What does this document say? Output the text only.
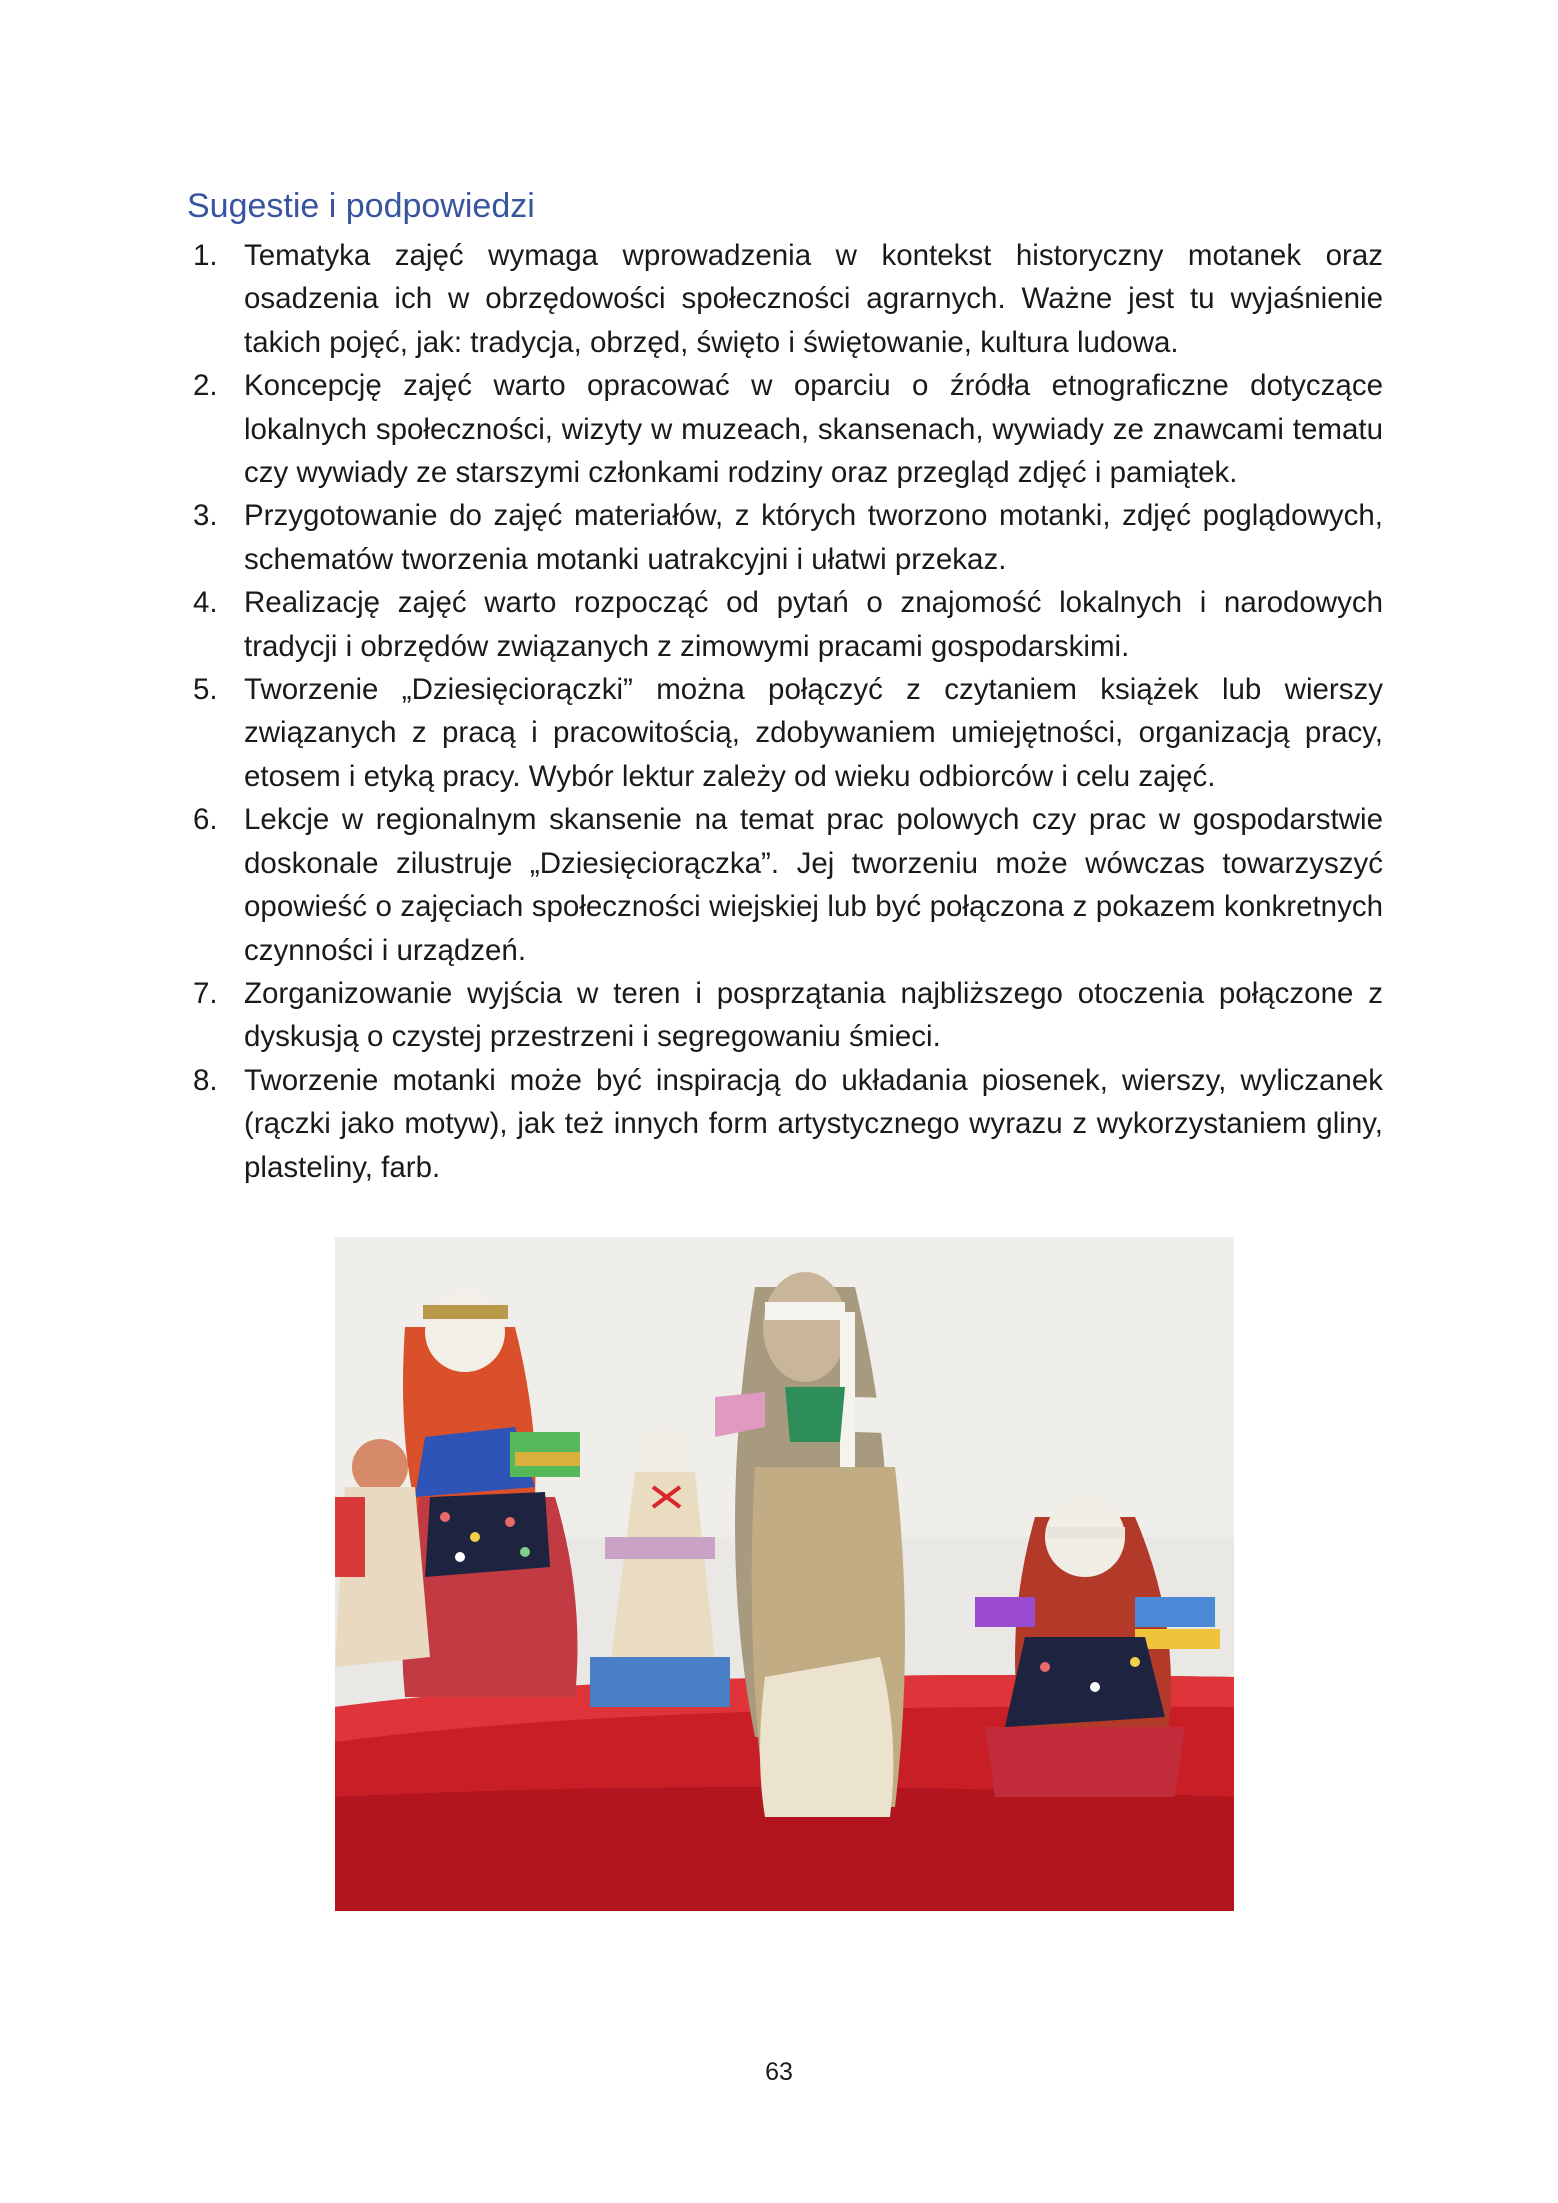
Sugestie i podpowiedzi
1. Tematyka zajęć wymaga wprowadzenia w kontekst historyczny motanek oraz osadzenia ich w obrzędowości społeczności agrarnych. Ważne jest tu wyjaśnienie takich pojęć, jak: tradycja, obrzęd, święto i świętowanie, kultura ludowa.
2. Koncepcję zajęć warto opracować w oparciu o źródła etnograficzne dotyczące lokalnych społeczności, wizyty w muzeach, skansenach, wywiady ze znawcami tematu czy wywiady ze starszymi członkami rodziny oraz przegląd zdjęć i pamiątek.
3. Przygotowanie do zajęć materiałów, z których tworzono motanki, zdjęć poglądowych, schematów tworzenia motanki uatrakcyjni i ułatwi przekaz.
4. Realizację zajęć warto rozpocząć od pytań o znajomość lokalnych i narodowych tradycji i obrzędów związanych z zimowymi pracami gospodarskimi.
5. Tworzenie „Dziesięciorączki” można połączyć z czytaniem książek lub wierszy związanych z pracą i pracowitością, zdobywaniem umiejętności, organizacją pracy, etosem i etyką pracy. Wybór lektur zależy od wieku odbiorców i celu zajęć.
6. Lekcje w regionalnym skansenie na temat prac polowych czy prac w gospodarstwie doskonale zilustruje „Dziesięciorączka”. Jej tworzeniu może wówczas towarzyszyć opowieść o zajęciach społeczności wiejskiej lub być połączona z pokazem konkretnych czynności i urządzeń.
7. Zorganizowanie wyjścia w teren i posprzątania najbliższego otoczenia połączone z dyskusją o czystej przestrzeni i segregowaniu śmieci.
8. Tworzenie motanki może być inspiracją do układania piosenek, wierszy, wyliczanek (rączki jako motyw), jak też innych form artystycznego wyrazu z wykorzystaniem gliny, plasteliny, farb.
63
